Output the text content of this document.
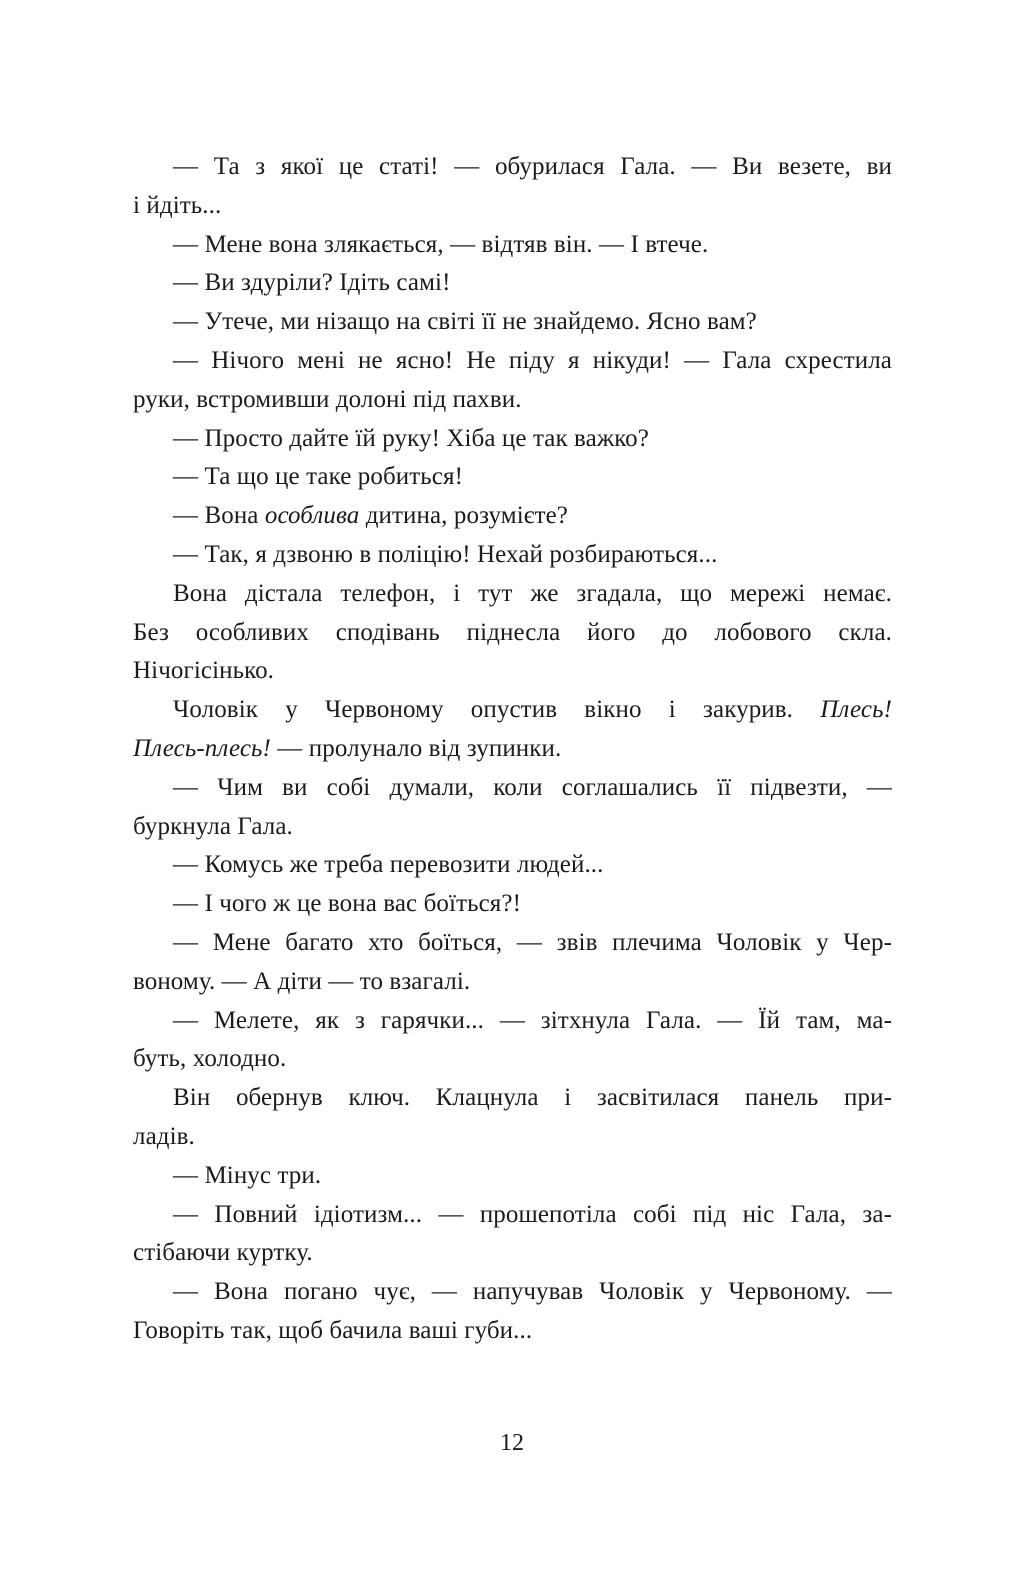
— Та з якої це статі! — обурилася Гала. — Ви везете, ви
і йдіть...
— Мене вона злякається, — відтяв він. — І втече.
— Ви здуріли? Ідіть самі!
— Утече, ми нізащо на світі її не знайдемо. Ясно вам?
— Нічого мені не ясно! Не піду я нікуди! — Гала схрестила
руки, встромивши долоні під пахви.
— Просто дайте їй руку! Хіба це так важко?
— Та що це таке робиться!
— Вона особлива дитина, розумієте?
— Так, я дзвоню в поліцію! Нехай розбираються...
Вона дістала телефон, і тут же згадала, що мережі немає.
Без особливих сподівань піднесла його до лобового скла.
Нічогісінько.
Чоловік у Червоному опустив вікно і закурив. Плесь!
Плесь-плесь! — пролунало від зупинки.
— Чим ви собі думали, коли соглашались її підвезти, —
буркнула Гала.
— Комусь же треба перевозити людей...
— І чого ж це вона вас боїться?!
— Мене багато хто боїться, — звів плечима Чоловік у Чер-
воному. — А діти — то взагалі.
— Мелете, як з гарячки... — зітхнула Гала. — Їй там, ма-
буть, холодно.
Він обернув ключ. Клацнула і засвітилася панель при-
ладів.
— Мінус три.
— Повний ідіотизм... — прошепотіла собі під ніс Гала, за-
стібаючи куртку.
— Вона погано чує, — напучував Чоловік у Червоному. —
Говоріть так, щоб бачила ваші губи...
12
